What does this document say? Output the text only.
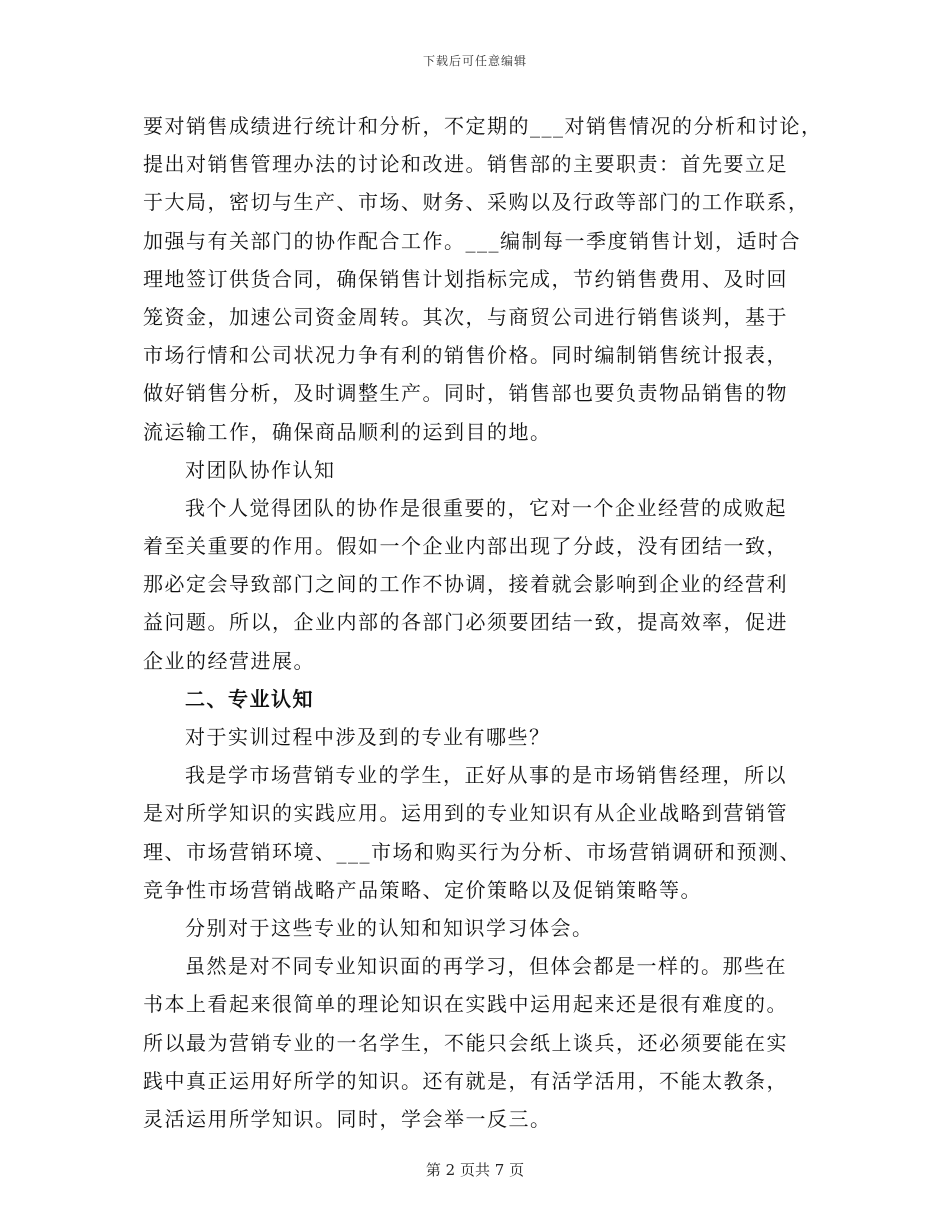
下载后可任意编辑
要对销售成绩进行统计和分析，不定期的___对销售情况的分析和讨论，
提出对销售管理办法的讨论和改进。销售部的主要职责：首先要立足
于大局，密切与生产、市场、财务、采购以及行政等部门的工作联系，
加强与有关部门的协作配合工作。___编制每一季度销售计划，适时合
理地签订供货合同，确保销售计划指标完成，节约销售费用、及时回
笼资金，加速公司资金周转。其次，与商贸公司进行销售谈判，基于
市场行情和公司状况力争有利的销售价格。同时编制销售统计报表，
做好销售分析，及时调整生产。同时，销售部也要负责物品销售的物
流运输工作，确保商品顺利的运到目的地。
对团队协作认知
我个人觉得团队的协作是很重要的，它对一个企业经营的成败起
着至关重要的作用。假如一个企业内部出现了分歧，没有团结一致，
那必定会导致部门之间的工作不协调，接着就会影响到企业的经营利
益问题。所以，企业内部的各部门必须要团结一致，提高效率，促进
企业的经营进展。
二、专业认知
对于实训过程中涉及到的专业有哪些？
我是学市场营销专业的学生，正好从事的是市场销售经理，所以
是对所学知识的实践应用。运用到的专业知识有从企业战略到营销管
理、市场营销环境、___市场和购买行为分析、市场营销调研和预测、
竞争性市场营销战略产品策略、定价策略以及促销策略等。
分别对于这些专业的认知和知识学习体会。
虽然是对不同专业知识面的再学习，但体会都是一样的。那些在
书本上看起来很简单的理论知识在实践中运用起来还是很有难度的。
所以最为营销专业的一名学生，不能只会纸上谈兵，还必须要能在实
践中真正运用好所学的知识。还有就是，有活学活用，不能太教条，
灵活运用所学知识。同时，学会举一反三。
第 2 页共 7 页
